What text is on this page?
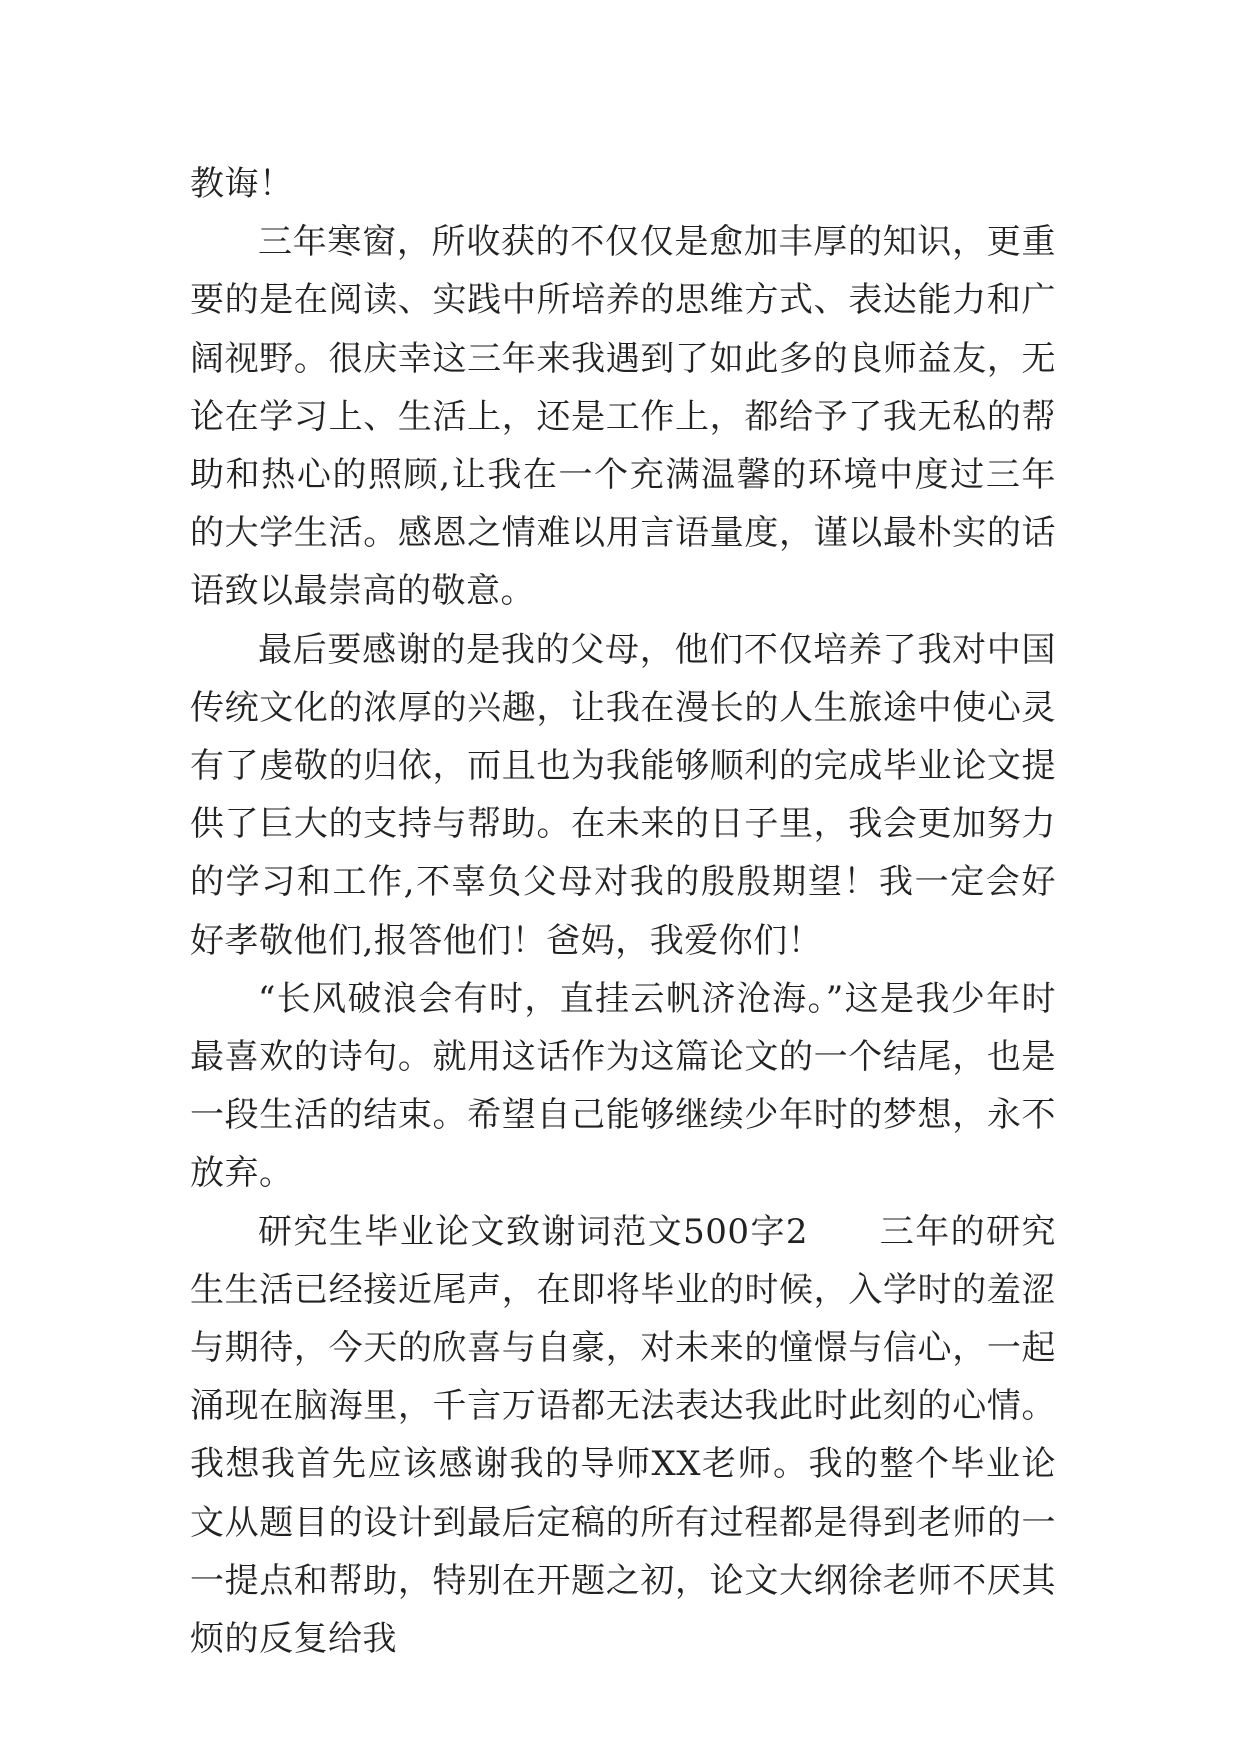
教诲！

三年寒窗，所收获的不仅仅是愈加丰厚的知识，更重要的是在阅读、实践中所培养的思维方式、表达能力和广阔视野。很庆幸这三年来我遇到了如此多的良师益友，无论在学习上、生活上，还是工作上，都给予了我无私的帮助和热心的照顾,让我在一个充满温馨的环境中度过三年的大学生活。感恩之情难以用言语量度，谨以最朴实的话语致以最崇高的敬意。

最后要感谢的是我的父母，他们不仅培养了我对中国传统文化的浓厚的兴趣，让我在漫长的人生旅途中使心灵有了虔敬的归依，而且也为我能够顺利的完成毕业论文提供了巨大的支持与帮助。在未来的日子里，我会更加努力的学习和工作,不辜负父母对我的殷殷期望！我一定会好好孝敬他们,报答他们！爸妈，我爱你们！

“长风破浪会有时，直挂云帆济沧海。”这是我少年时最喜欢的诗句。就用这话作为这篇论文的一个结尾，也是一段生活的结束。希望自己能够继续少年时的梦想，永不放弃。

研究生毕业论文致谢词范文500字2　　三年的研究生生活已经接近尾声，在即将毕业的时候，入学时的羞涩与期待，今天的欣喜与自豪，对未来的憧憬与信心，一起涌现在脑海里，千言万语都无法表达我此时此刻的心情。我想我首先应该感谢我的导师XX老师。我的整个毕业论文从题目的设计到最后定稿的所有过程都是得到老师的一一提点和帮助，特别在开题之初，论文大纲徐老师不厌其烦的反复给我
